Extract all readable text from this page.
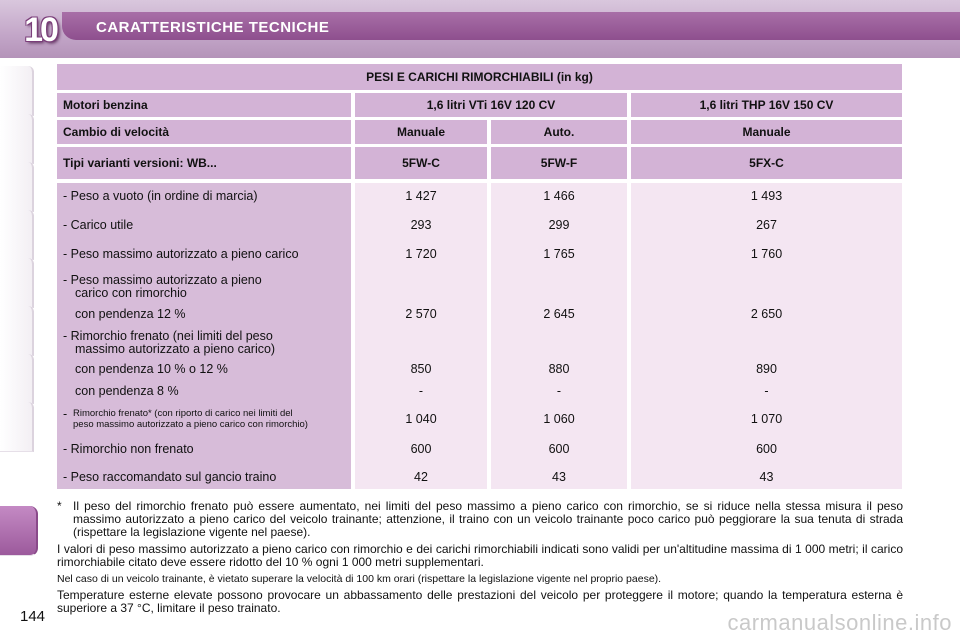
10	CARATTERISTICHE TECNICHE
PESI E CARICHI RIMORCHIABILI (in kg)
Motori benzina	1,6 litri VTi 16V 120 CV	1,6 litri THP 16V 150 CV
Cambio di velocità	Manuale	Auto.	Manuale
Tipi varianti versioni: WB...	5FW-C	5FW-F	5FX-C
- Peso a vuoto (in ordine di marcia)	1 427	1 466	1 493
- Carico utile	293	299	267
- Peso massimo autorizzato a pieno carico	1 720	1 765	1 760
- Peso massimo autorizzato a pieno
carico con rimorchio
con pendenza 12 %	2 570	2 645	2 650
- Rimorchio frenato (nei limiti del peso
massimo autorizzato a pieno carico)
con pendenza 10 % o 12 %	850	880	890
con pendenza 8 %	-	-	-
- Rimorchio frenato* (con riporto di carico nei limiti del
peso massimo autorizzato a pieno carico con rimorchio)	1 040	1 060	1 070
- Rimorchio non frenato	600	600	600
- Peso raccomandato sul gancio traino	42	43	43
* Il peso del rimorchio frenato può essere aumentato, nei limiti del peso massimo a pieno carico con rimorchio, se si riduce nella stessa misura il peso massimo autorizzato a pieno carico del veicolo trainante; attenzione, il traino con un veicolo trainante poco carico può peggiorare la sua tenuta di strada (rispettare la legislazione vigente nel paese).
I valori di peso massimo autorizzato a pieno carico con rimorchio e dei carichi rimorchiabili indicati sono validi per un'altitudine massima di 1 000 metri; il carico rimorchiabile citato deve essere ridotto del 10 % ogni 1 000 metri supplementari.
Nel caso di un veicolo trainante, è vietato superare la velocità di 100 km orari (rispettare la legislazione vigente nel proprio paese).
Temperature esterne elevate possono provocare un abbassamento delle prestazioni del veicolo per proteggere il motore; quando la temperatura esterna è superiore a 37 °C, limitare il peso trainato.
144	carmanualsonline.info
